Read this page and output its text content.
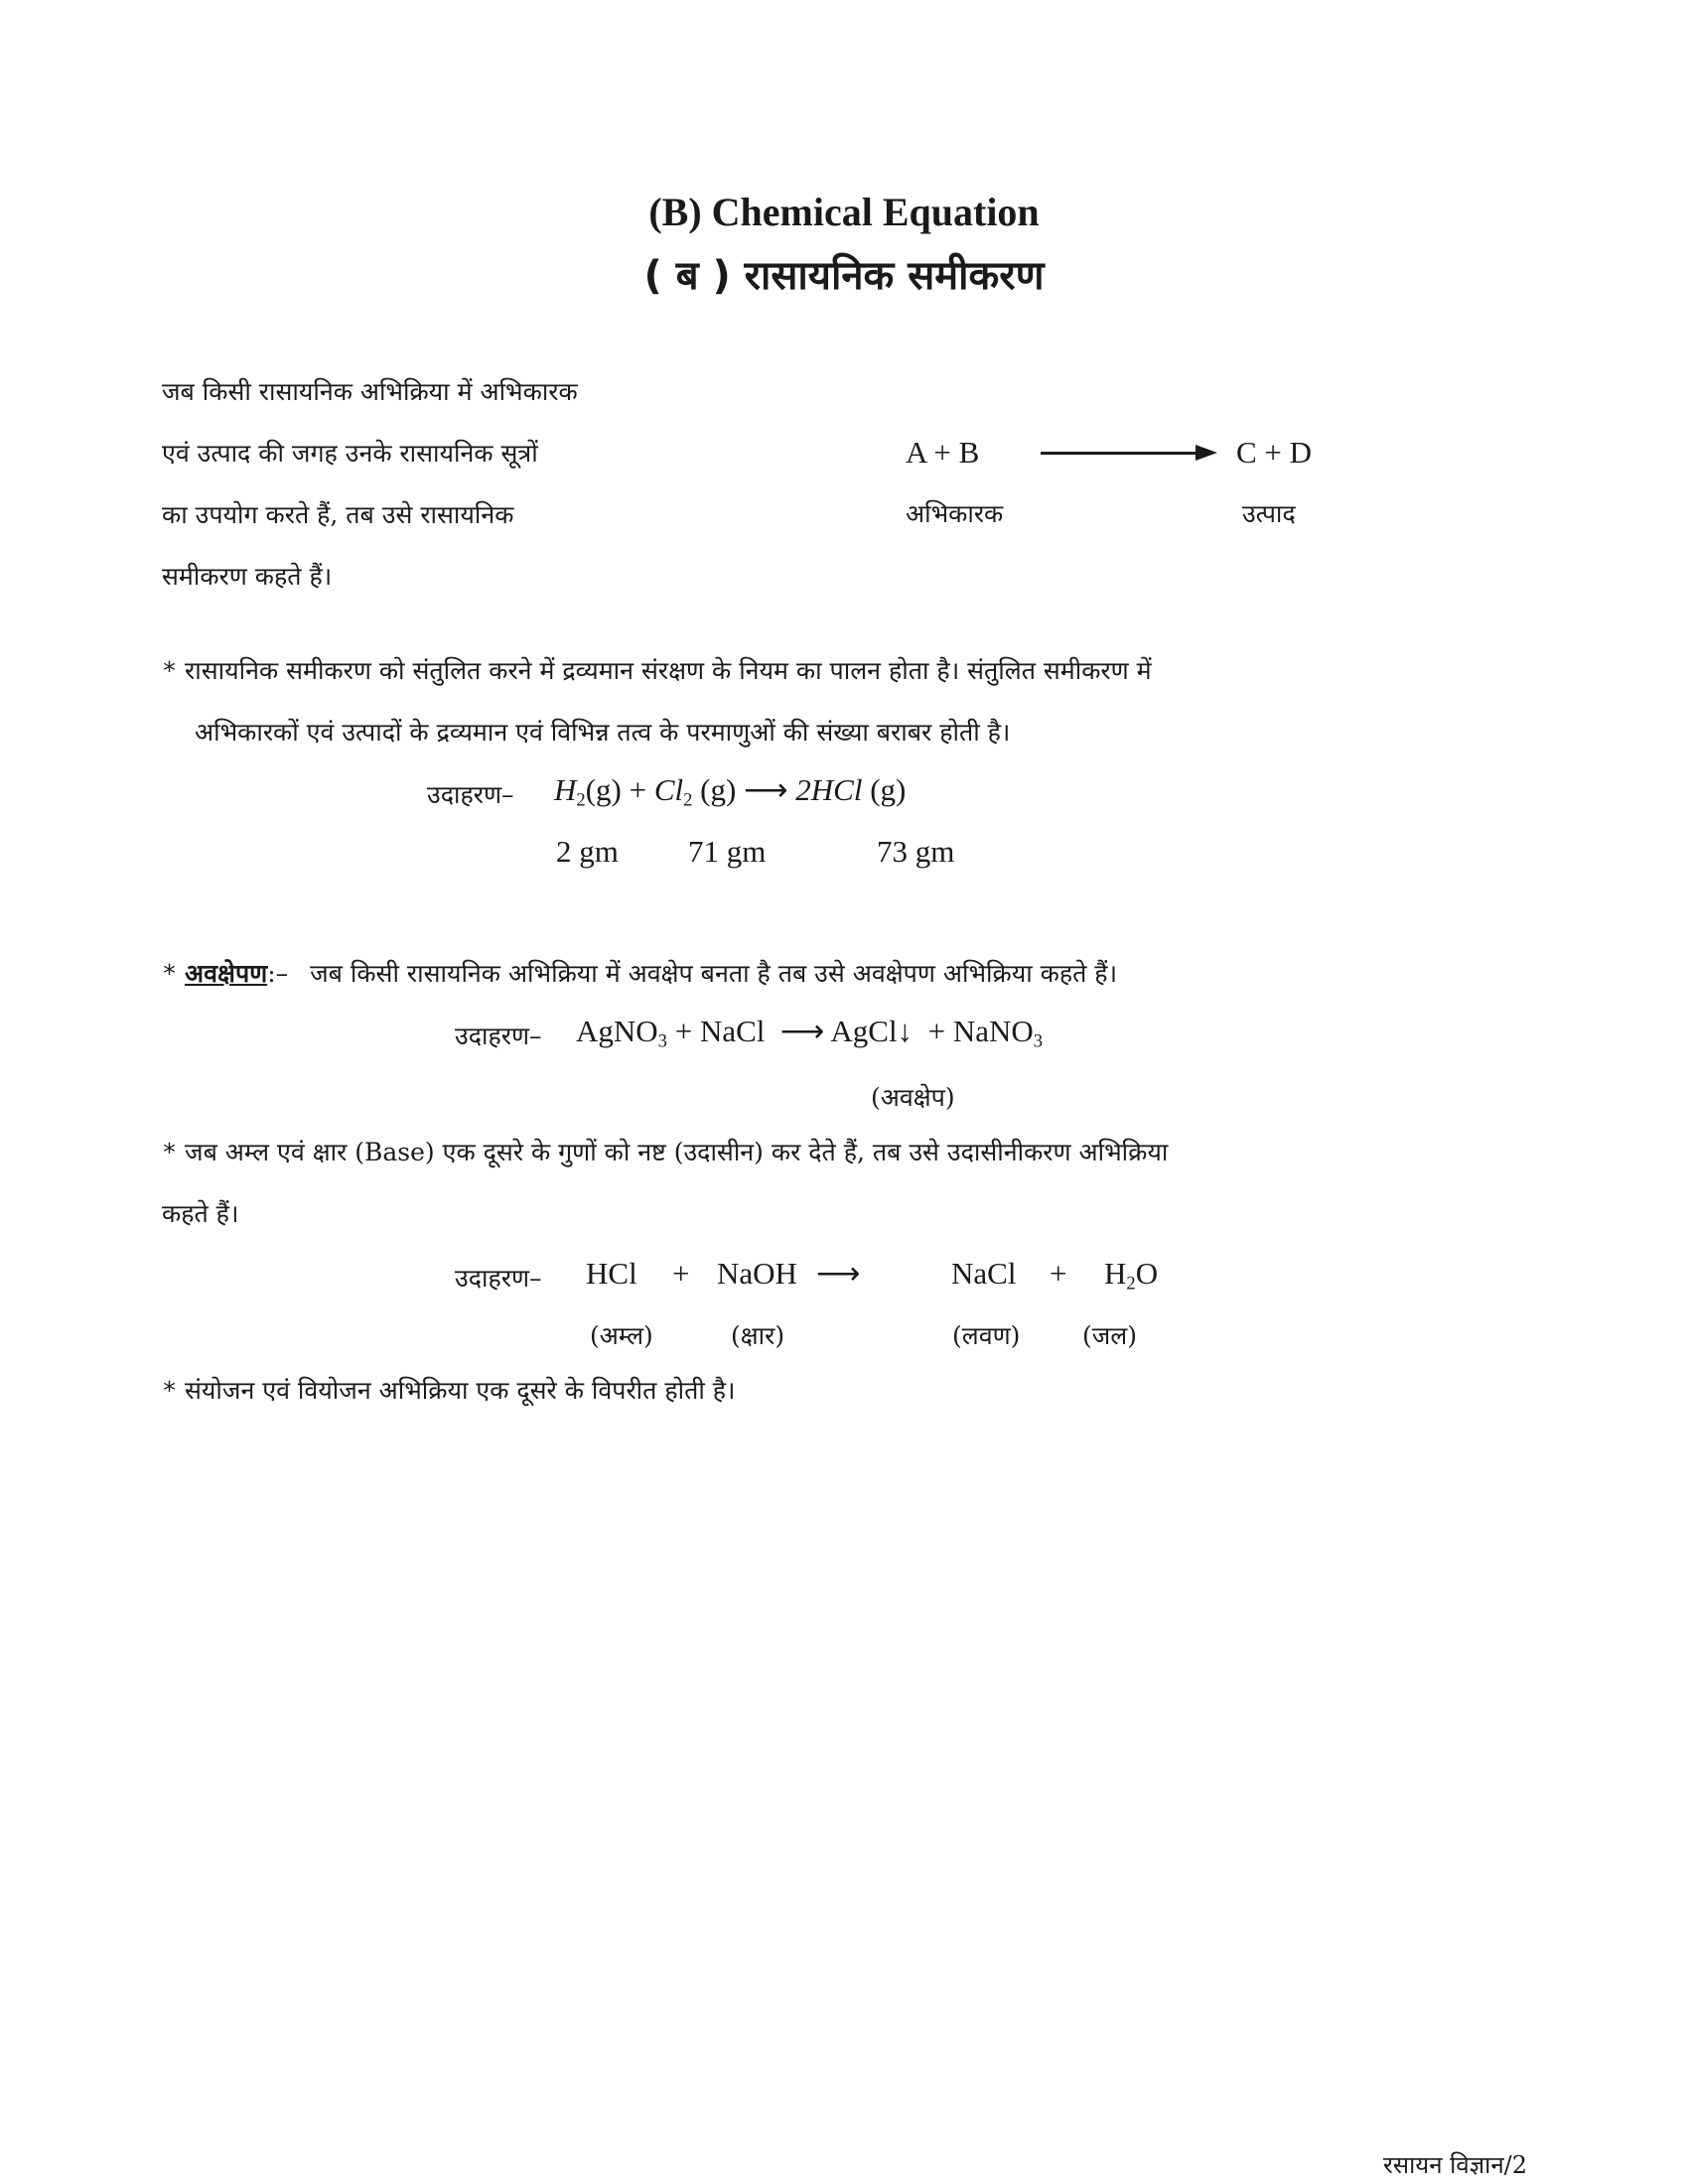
(B) Chemical Equation
( ब ) रासायनिक समीकरण
जब किसी रासायनिक अभिक्रिया में अभिकारक
एवं उत्पाद की जगह उनके रासायनिक सूत्रों
का उपयोग करते हैं, तब उसे रासायनिक
समीकरण कहते हैं।
A + B	C + D
अभिकारक	उत्पाद
* रासायनिक समीकरण को संतुलित करने में द्रव्यमान संरक्षण के नियम का पालन होता है। संतुलित समीकरण में
अभिकारकों एवं उत्पादों के द्रव्यमान एवं विभिन्न तत्व के परमाणुओं की संख्या बराबर होती है।
उदाहरण– $H_2(g) + Cl_2$ (g) ⟶ 2HCl (g)
2 gm 71 gm	73 gm
* अवक्षेपण:– जब किसी रासायनिक अभिक्रिया में अवक्षेप बनता है तब उसे अवक्षेपण अभिक्रिया कहते हैं।
उदाहरण– AgNO$_3$ + NaCl ⟶ AgCl↓ + NaNO$_3$
(अवक्षेप)
* जब अम्ल एवं क्षार (Base) एक दूसरे के गुणों को नष्ट (उदासीन) कर देते हैं, तब उसे उदासीनीकरण अभिक्रिया
कहते हैं।
उदाहरण– HCl + NaOH ⟶	NaCl + $H_2O$
(अम्ल)	(क्षार)	(लवण)	(जल)
* संयोजन एवं वियोजन अभिक्रिया एक दूसरे के विपरीत होती है।
रसायन विज्ञान/2
